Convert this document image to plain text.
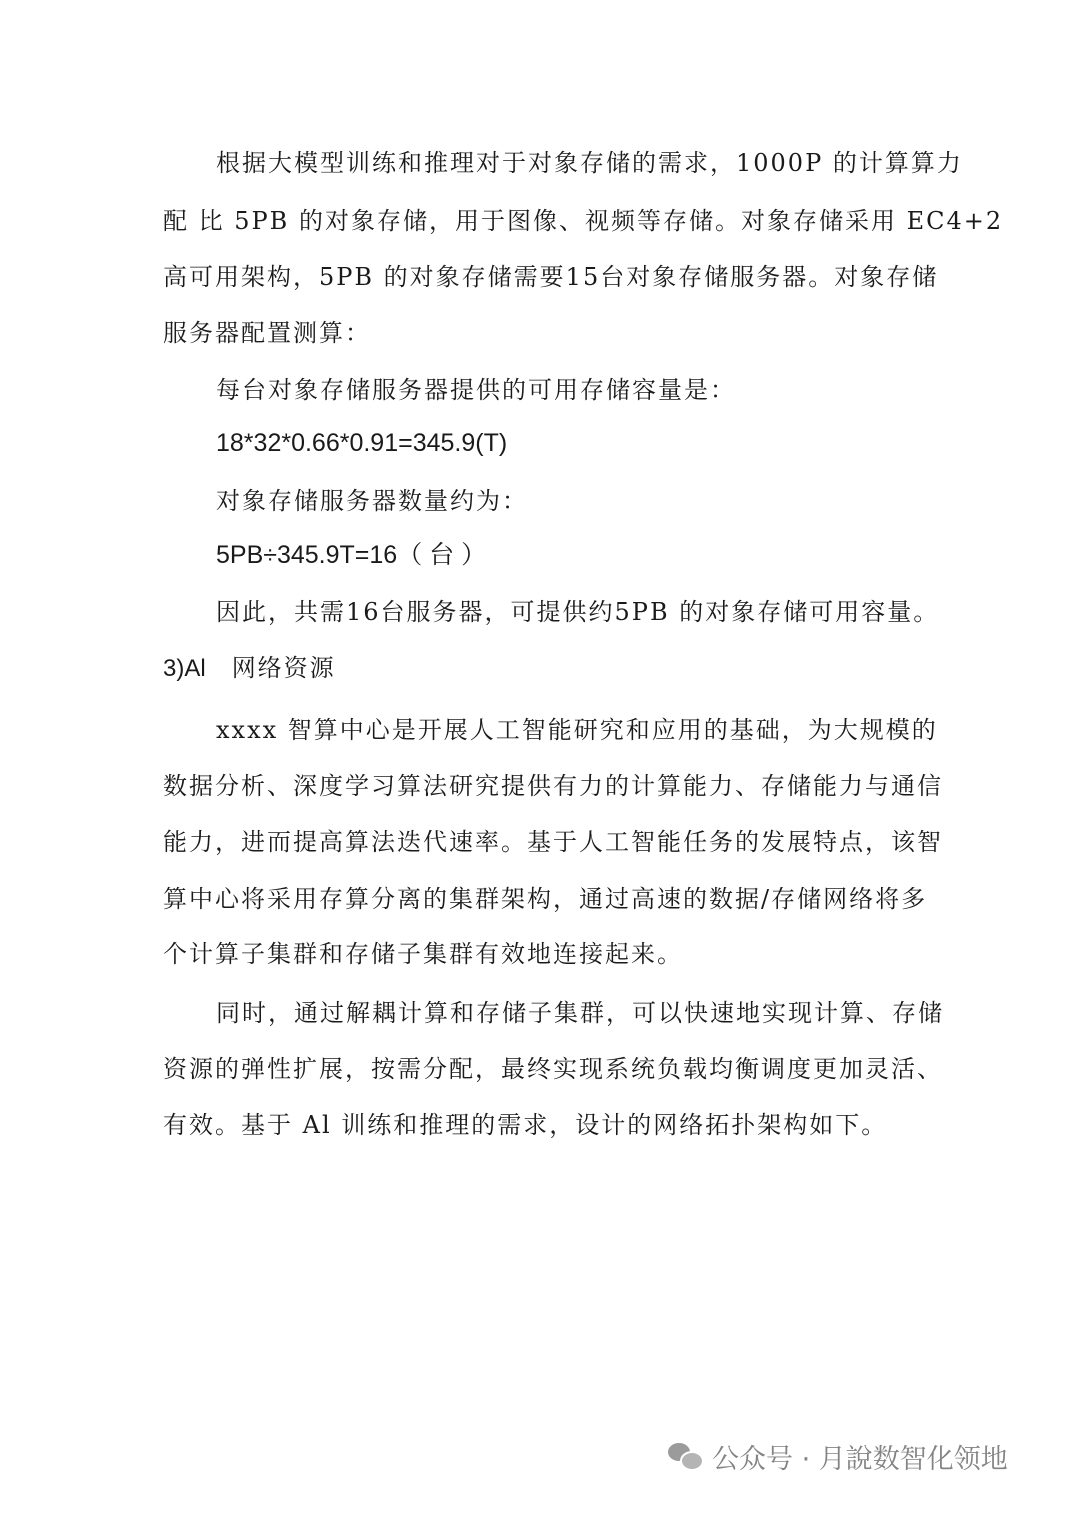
根据大模型训练和推理对于对象存储的需求，1000P 的计算算力
配 比 5PB 的对象存储，用于图像、视频等存储。对象存储采用 EC4+2
高可用架构，5PB 的对象存储需要15台对象存储服务器。对象存储
服务器配置测算：
每台对象存储服务器提供的可用存储容量是：
18*32*0.66*0.91=345.9(T)
对象存储服务器数量约为：
5PB÷345.9T=16（ 台 ）
因此，共需16台服务器，可提供约5PB 的对象存储可用容量。
3)Al 网络资源
xxxx 智算中心是开展人工智能研究和应用的基础，为大规模的
数据分析、深度学习算法研究提供有力的计算能力、存储能力与通信
能力，进而提高算法迭代速率。基于人工智能任务的发展特点，该智
算中心将采用存算分离的集群架构，通过高速的数据/存储网络将多
个计算子集群和存储子集群有效地连接起来。
同时，通过解耦计算和存储子集群，可以快速地实现计算、存储
资源的弹性扩展，按需分配，最终实现系统负载均衡调度更加灵活、
有效。基于 Al 训练和推理的需求，设计的网络拓扑架构如下。
公众号 · 月說数智化领地
